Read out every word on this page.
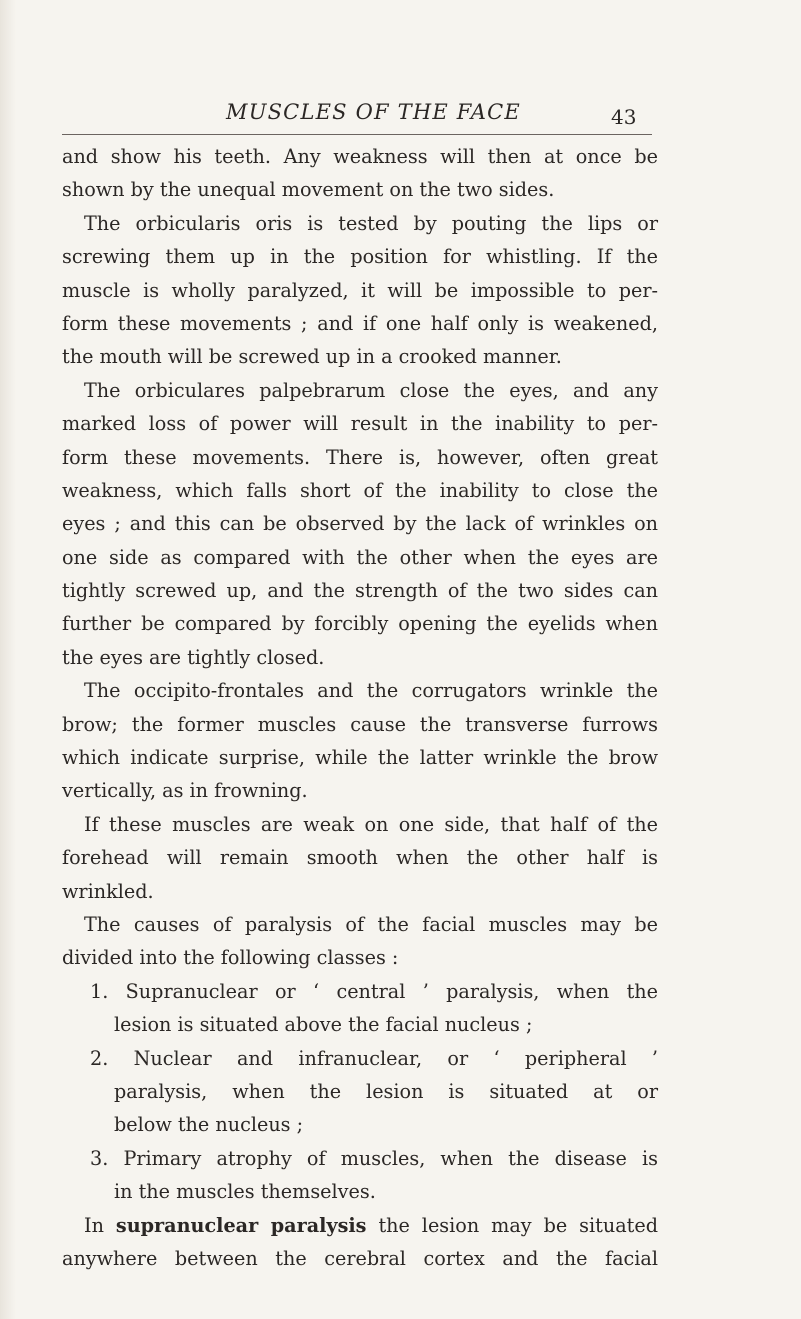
MUSCLES OF THE FACE	43
and show his teeth. Any weakness will then at once be
shown by the unequal movement on the two sides.
The orbicularis oris is tested by pouting the lips or
screwing them up in the position for whistling. If the
muscle is wholly paralyzed, it will be impossible to per-
form these movements ; and if one half only is weakened,
the mouth will be screwed up in a crooked manner.
The orbiculares palpebrarum close the eyes, and any
marked loss of power will result in the inability to per-
form these movements. There is, however, often great
weakness, which falls short of the inability to close the
eyes ; and this can be observed by the lack of wrinkles on
one side as compared with the other when the eyes are
tightly screwed up, and the strength of the two sides can
further be compared by forcibly opening the eyelids when
the eyes are tightly closed.
The occipito-frontales and the corrugators wrinkle the
brow; the former muscles cause the transverse furrows
which indicate surprise, while the latter wrinkle the brow
vertically, as in frowning.
If these muscles are weak on one side, that half of the
forehead will remain smooth when the other half is
wrinkled.
The causes of paralysis of the facial muscles may be
divided into the following classes :
1. Supranuclear or ‘ central ’ paralysis, when the
lesion is situated above the facial nucleus ;
2. Nuclear and infranuclear, or ‘ peripheral ’
paralysis, when the lesion is situated at or
below the nucleus ;
3. Primary atrophy of muscles, when the disease is
in the muscles themselves.
In supranuclear paralysis the lesion may be situated
anywhere between the cerebral cortex and the facial
